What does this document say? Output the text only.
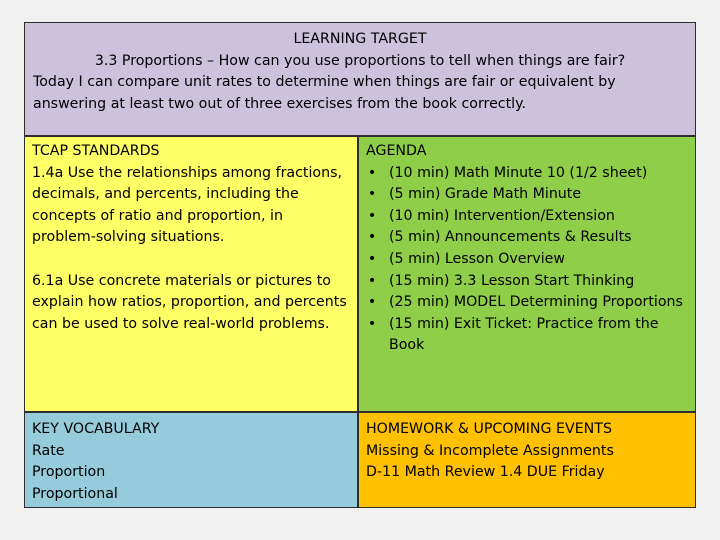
LEARNING TARGET
3.3 Proportions – How can you use proportions to tell when things are fair?
Today I can compare unit rates to determine when things are fair or equivalent by answering at least two out of three exercises from the book correctly.
TCAP STANDARDS
1.4a Use the relationships among fractions, decimals, and percents, including the concepts of ratio and proportion, in problem-solving situations.
6.1a Use concrete materials or pictures to explain how ratios, proportion, and percents can be used to solve real-world problems.
AGENDA
• (10 min) Math Minute 10 (1/2 sheet)
• (5 min) Grade Math Minute
• (10 min) Intervention/Extension
• (5 min) Announcements & Results
• (5 min) Lesson Overview
• (15 min) 3.3 Lesson Start Thinking
• (25 min) MODEL Determining Proportions
• (15 min) Exit Ticket: Practice from the Book
KEY VOCABULARY
Rate
Proportion
Proportional
HOMEWORK & UPCOMING EVENTS
Missing & Incomplete Assignments
D-11 Math Review 1.4 DUE Friday
